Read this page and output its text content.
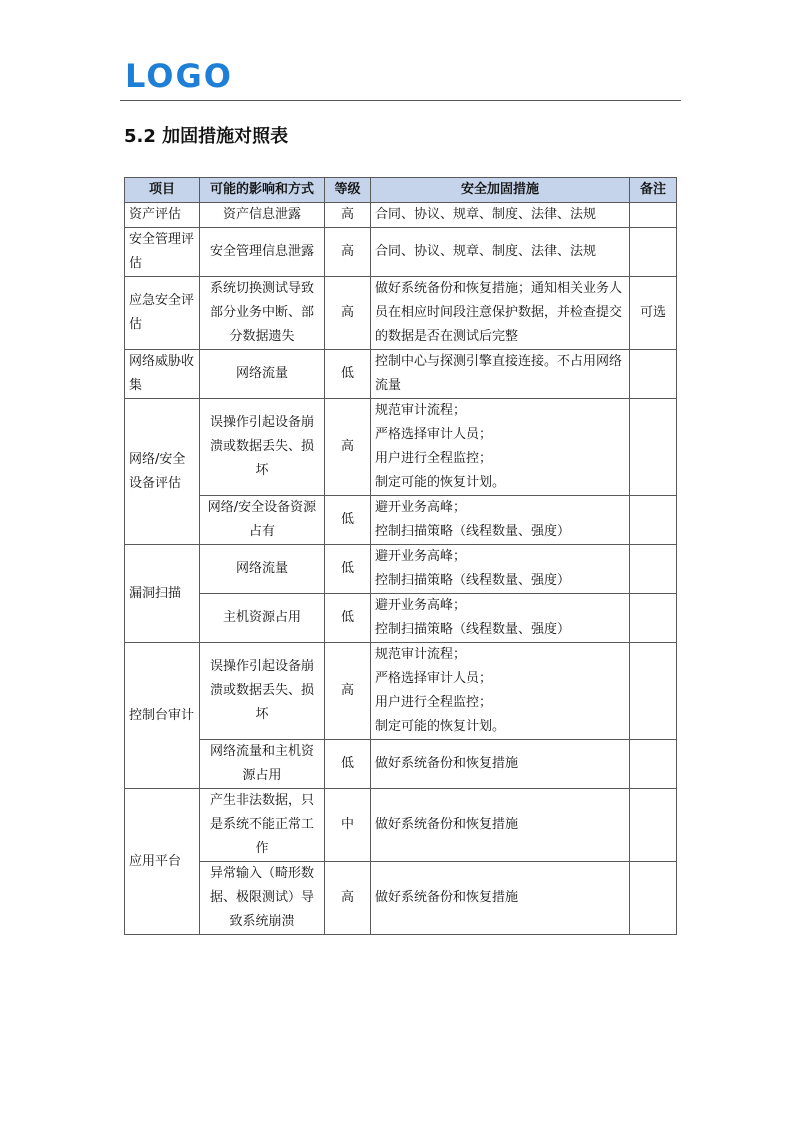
LOGO
5.2 加固措施对照表
项目	可能的影响和方式	等级	安全加固措施	备注
资产评估	资产信息泄露	高	合同、协议、规章、制度、法律、法规	
安全管理评估	安全管理信息泄露	高	合同、协议、规章、制度、法律、法规	
应急安全评估	系统切换测试导致部分业务中断、部分数据遗失	高	做好系统备份和恢复措施；通知相关业务人员在相应时间段注意保护数据，并检查提交的数据是否在测试后完整	可选
网络威胁收集	网络流量	低	控制中心与探测引擎直接连接。不占用网络流量	
网络/安全设备评估	误操作引起设备崩溃或数据丢失、损坏	高	规范审计流程；
严格选择审计人员；
用户进行全程监控；
制定可能的恢复计划。	

	网络/安全设备资源占有	低	避开业务高峰；
控制扫描策略（线程数量、强度）	

漏洞扫描	网络流量	低	避开业务高峰；
控制扫描策略（线程数量、强度）	

	主机资源占用	低	避开业务高峰；
控制扫描策略（线程数量、强度）	

控制台审计	误操作引起设备崩溃或数据丢失、损坏	高	规范审计流程；
严格选择审计人员；
用户进行全程监控；
制定可能的恢复计划。	

	网络流量和主机资源占用	低	做好系统备份和恢复措施	
应用平台	产生非法数据，只是系统不能正常工作	中	做好系统备份和恢复措施	
	异常输入（畸形数据、极限测试）导致系统崩溃	高	做好系统备份和恢复措施	
